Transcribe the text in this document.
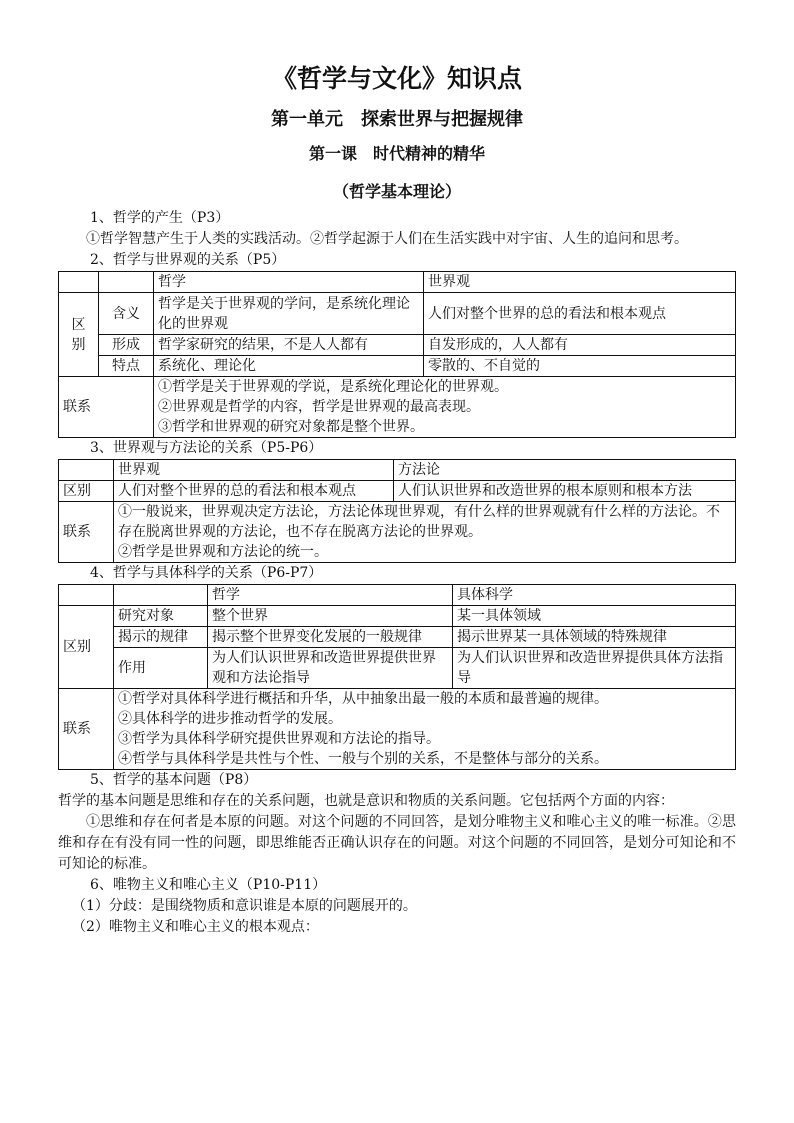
《哲学与文化》知识点
第一单元　探索世界与把握规律
第一课　时代精神的精华
（哲学基本理论）
1、哲学的产生（P3）

①哲学智慧产生于人类的实践活动。②哲学起源于人们在生活实践中对宇宙、人生的追问和思考。

2、哲学与世界观的关系（P5）
		哲学	世界观
区别	含义	哲学是关于世界观的学问，是系统化理论化的世界观	人们对整个世界的总的看法和根本观点
	形成	哲学家研究的结果，不是人人都有	自发形成的，人人都有
	特点	系统化、理论化	零散的、不自觉的
联系		①哲学是关于世界观的学说，是系统化理论化的世界观。
②世界观是哲学的内容，哲学是世界观的最高表现。
③哲学和世界观的研究对象都是整个世界。	
3、世界观与方法论的关系（P5-P6）
	世界观	方法论
区别	人们对整个世界的总的看法和根本观点	人们认识世界和改造世界的根本原则和根本方法
联系	①一般说来，世界观决定方法论，方法论体现世界观，有什么样的世界观就有什么样的方法论。不存在脱离世界观的方法论，也不存在脱离方法论的世界观。
②哲学是世界观和方法论的统一。	
4、哲学与具体科学的关系（P6-P7）
		哲学	具体科学
区别	研究对象	整个世界	某一具体领域
	揭示的规律	揭示整个世界变化发展的一般规律	揭示世界某一具体领域的特殊规律
	作用	为人们认识世界和改造世界提供世界观和方法论指导	为人们认识世界和改造世界提供具体方法指导
联系	①哲学对具体科学进行概括和升华，从中抽象出最一般的本质和最普遍的规律。
②具体科学的进步推动哲学的发展。
③哲学为具体科学研究提供世界观和方法论的指导。
④哲学与具体科学是共性与个性、一般与个别的关系，不是整体与部分的关系。		
5、哲学的基本问题（P8）

哲学的基本问题是思维和存在的关系问题，也就是意识和物质的关系问题。它包括两个方面的内容：

①思维和存在何者是本原的问题。对这个问题的不同回答，是划分唯物主义和唯心主义的唯一标准。②思维和存在有没有同一性的问题，即思维能否正确认识存在的问题。对这个问题的不同回答，是划分可知论和不可知论的标准。

6、唯物主义和唯心主义（P10-P11）

（1）分歧：是围绕物质和意识谁是本原的问题展开的。

（2）唯物主义和唯心主义的根本观点：
